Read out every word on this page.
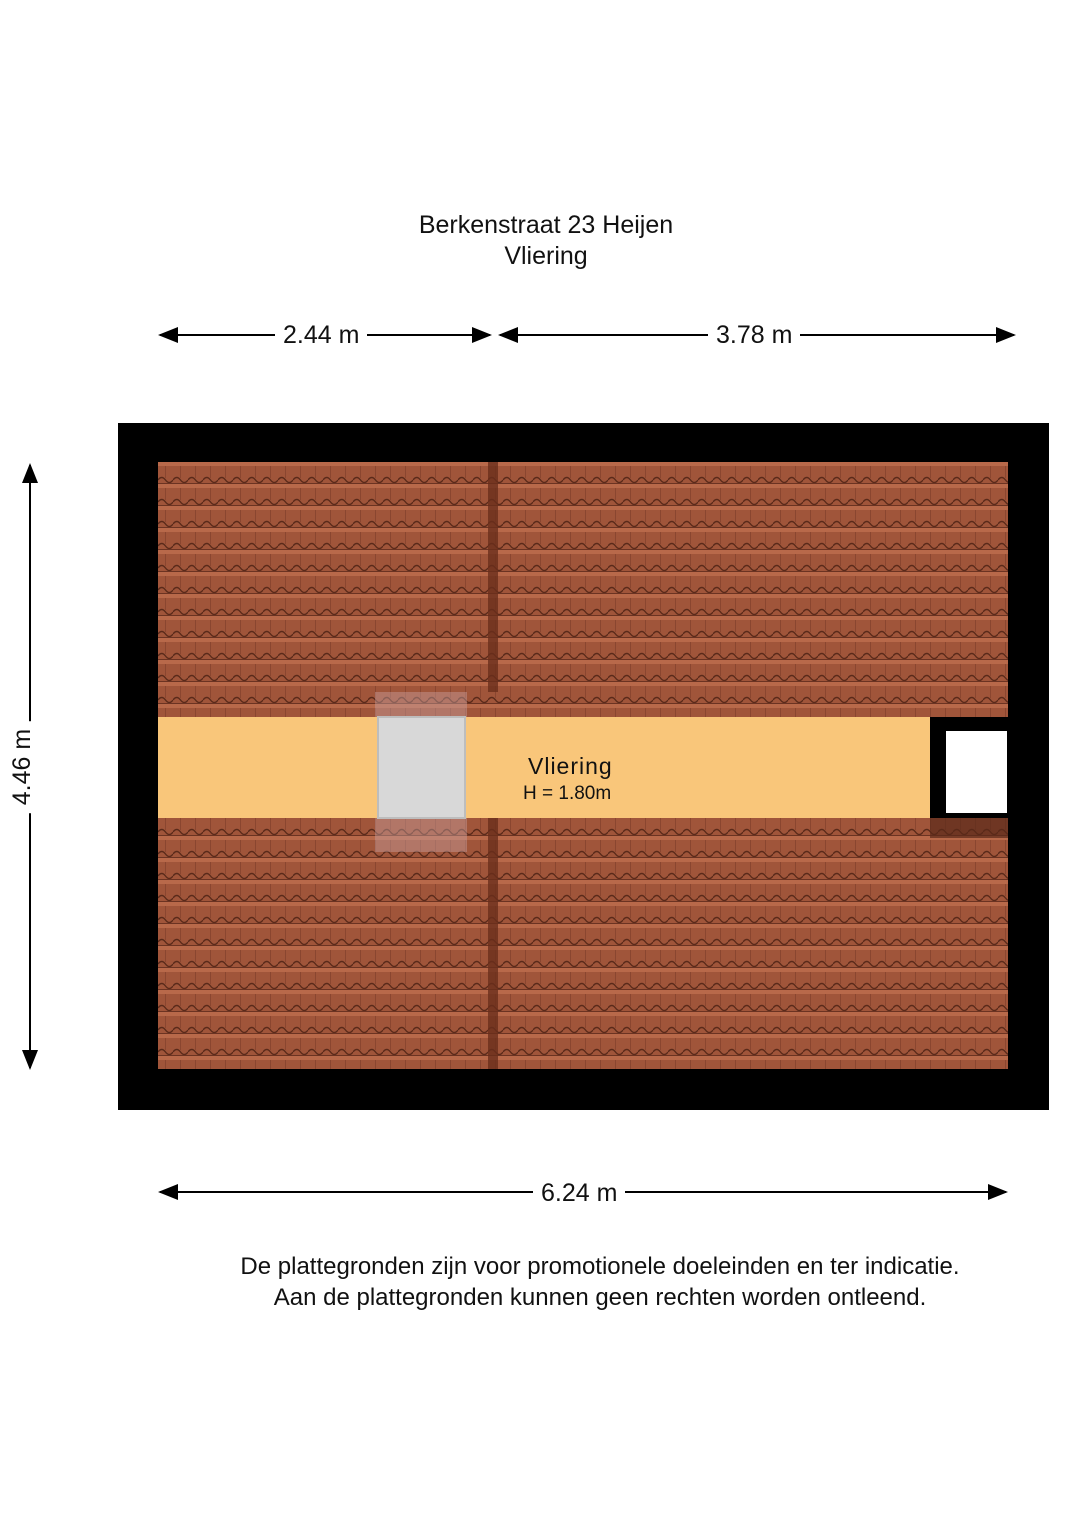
Berkenstraat 23 Heijen
Vliering
2.44 m	3.78 m
4.46 m
6.24 m
Vliering
H = 1.80m
De plattegronden zijn voor promotionele doeleinden en ter indicatie.
Aan de plattegronden kunnen geen rechten worden ontleend.
